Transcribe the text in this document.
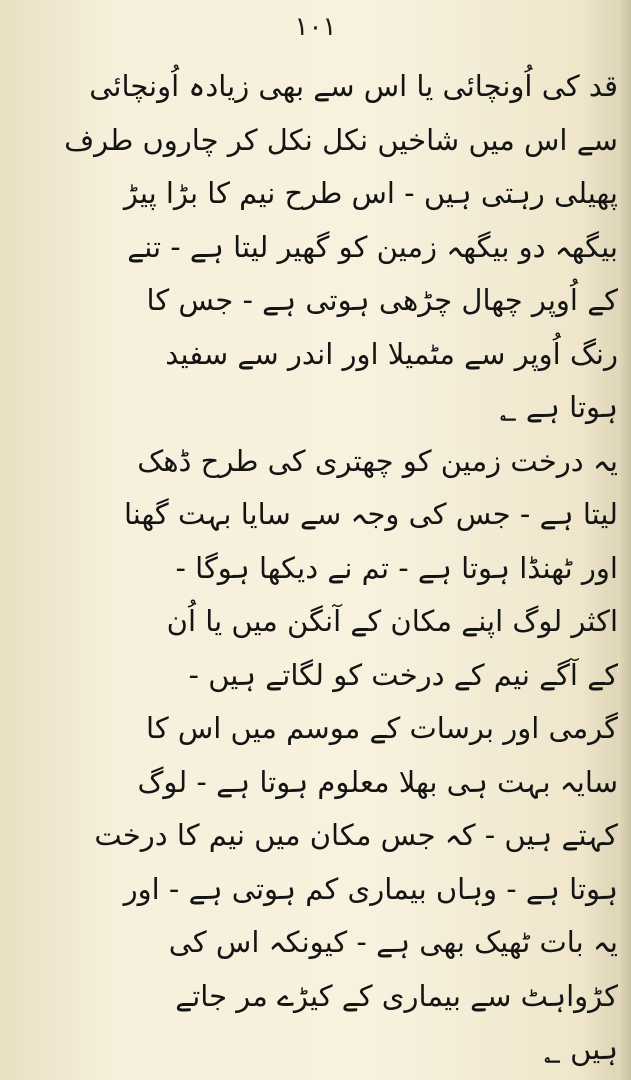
۱۰۱
قد کی اُونچائی یا اس سے بھی زیادہ اُونچائی
سے اس میں شاخیں نکل نکل کر چاروں طرف
پھیلی رہتی ہیں - اس طرح نیم کا بڑا پیڑ
بیگھہ دو بیگھہ زمین کو گھیر لیتا ہے - تنے
کے اُوپر چھال چڑھی ہوتی ہے - جس کا
رنگ اُوپر سے مٹمیلا اور اندر سے سفید
ہوتا ہے ؂
یہ درخت زمین کو چھتری کی طرح ڈھک
لیتا ہے - جس کی وجہ سے سایا بہت گھنا
اور ٹھنڈا ہوتا ہے - تم نے دیکھا ہوگا -
اکثر لوگ اپنے مکان کے آنگن میں یا اُن
کے آگے نیم کے درخت کو لگاتے ہیں -
گرمی اور برسات کے موسم میں اس کا
سایہ بہت ہی بھلا معلوم ہوتا ہے - لوگ
کہتے ہیں - کہ جس مکان میں نیم کا درخت
ہوتا ہے - وہاں بیماری کم ہوتی ہے - اور
یہ بات ٹھیک بھی ہے - کیونکہ اس کی
کڑواہٹ سے بیماری کے کیڑے مر جاتے
ہیں ؂
